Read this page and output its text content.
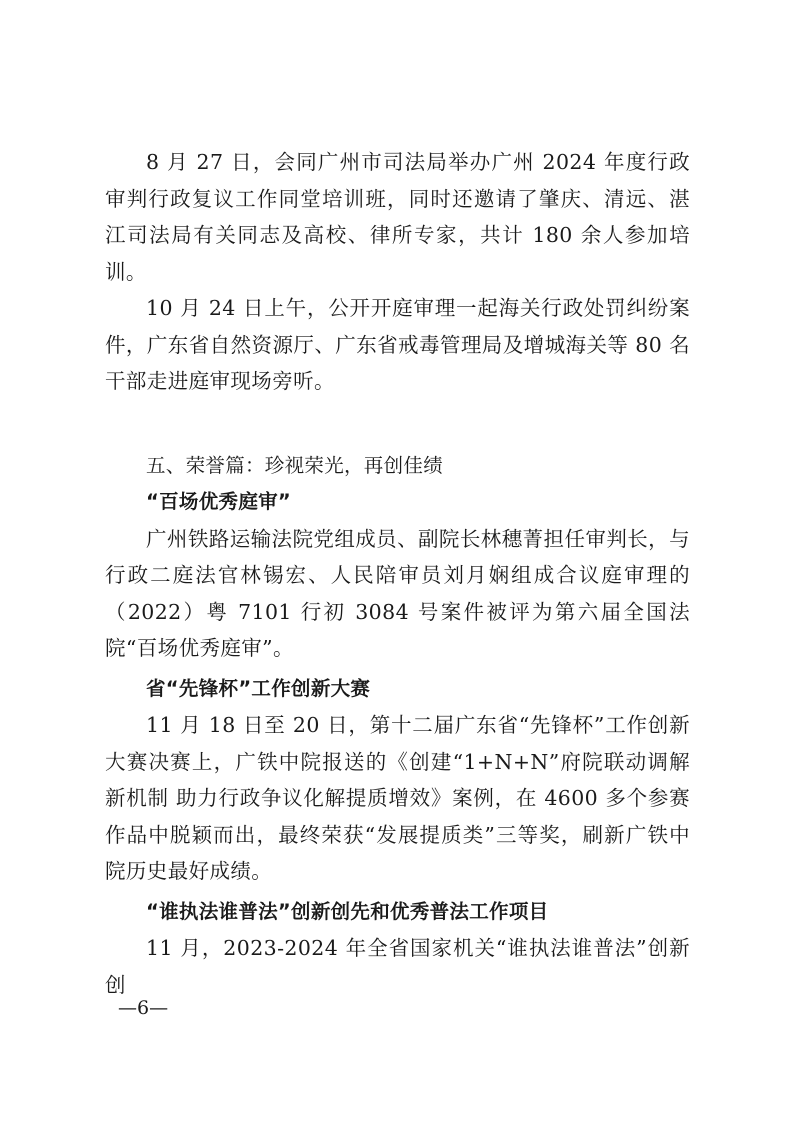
8 月 27 日，会同广州市司法局举办广州 2024 年度行政审判行政复议工作同堂培训班，同时还邀请了肇庆、清远、湛江司法局有关同志及高校、律所专家，共计 180 余人参加培训。

10 月 24 日上午，公开开庭审理一起海关行政处罚纠纷案件，广东省自然资源厅、广东省戒毒管理局及增城海关等 80 名干部走进庭审现场旁听。

五、荣誉篇：珍视荣光，再创佳绩

“百场优秀庭审”

广州铁路运输法院党组成员、副院长林穗菁担任审判长，与行政二庭法官林锡宏、人民陪审员刘月娴组成合议庭审理的（2022）粤 7101 行初 3084 号案件被评为第六届全国法院“百场优秀庭审”。

省“先锋杯”工作创新大赛

11 月 18 日至 20 日，第十二届广东省“先锋杯”工作创新大赛决赛上，广铁中院报送的《创建“1+N+N”府院联动调解新机制 助力行政争议化解提质增效》案例，在 4600 多个参赛作品中脱颖而出，最终荣获“发展提质类”三等奖，刷新广铁中院历史最好成绩。

“谁执法谁普法”创新创先和优秀普法工作项目

11 月，2023-2024 年全省国家机关“谁执法谁普法”创新创

—6—
